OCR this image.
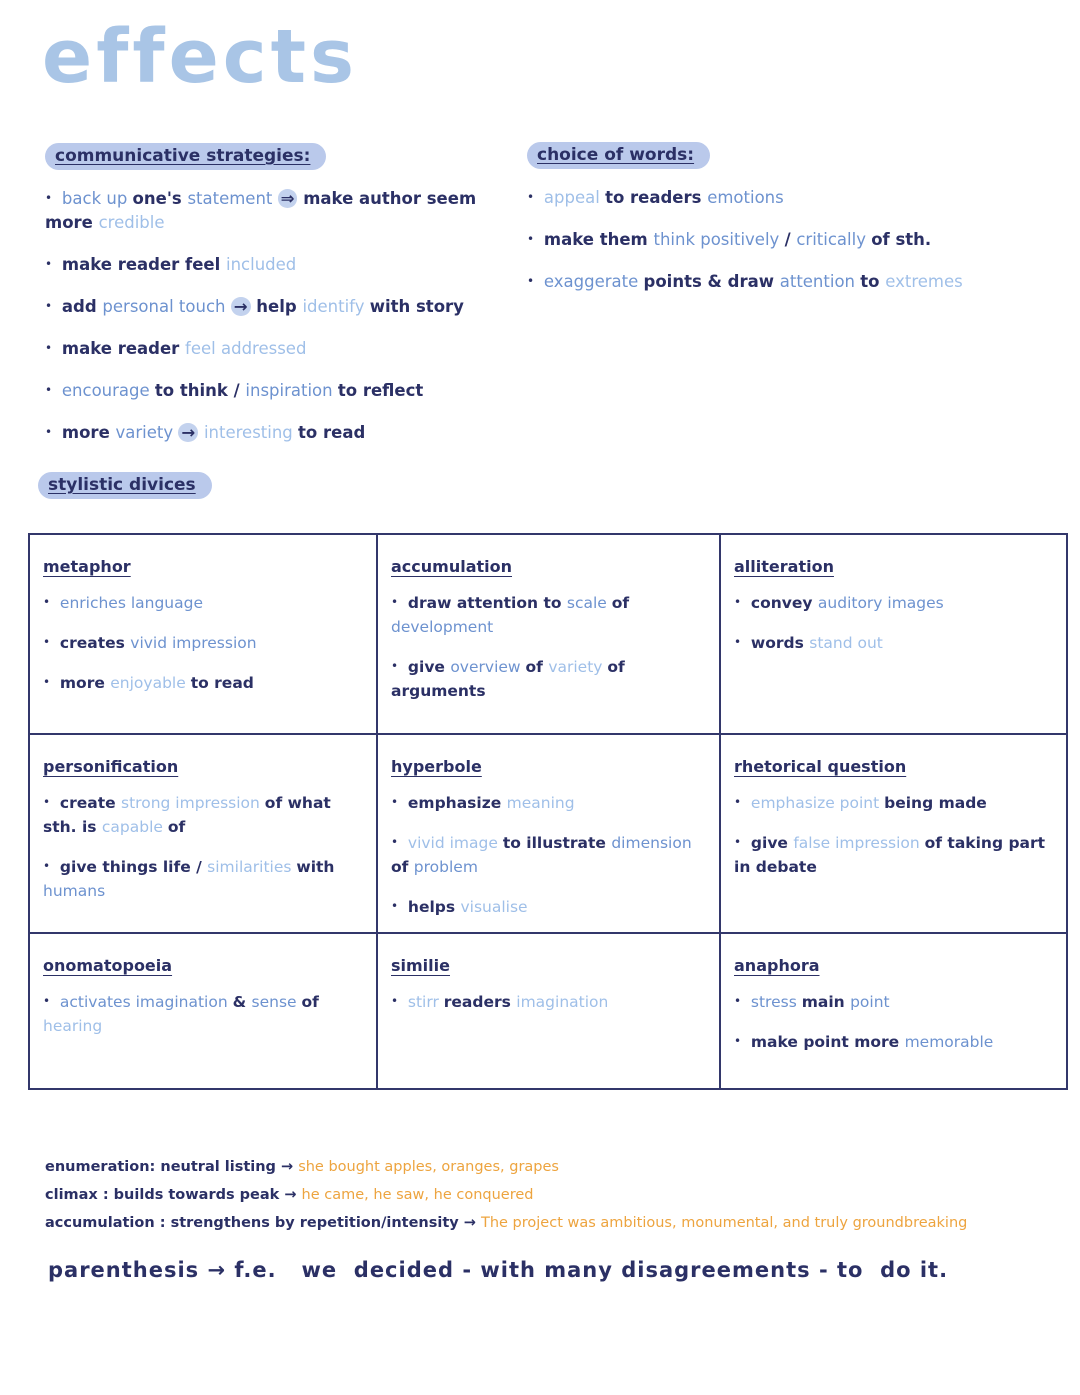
effects
communicative strategies:
• back up one's statement ⇒ make author seem more credible
• make reader feel included
• add personal touch → help identify with story
• make reader feel addressed
• encourage to think / inspiration to reflect
• more variety → interesting to read
choice of words:
• appeal to readers emotions
• make them think positively / critically of sth.
• exaggerate points & draw attention to extremes
stylistic divices
metaphor
• enriches language
• creates vivid impression
• more enjoyable to read
accumulation
• draw attention to scale of development
• give overview of variety of arguments
alliteration
• convey auditory images
• words stand out
personification
• create strong impression of what sth. is capable of
• give things life / similarities with humans
hyperbole
• emphasize meaning
• vivid image to illustrate dimension of problem
• helps visualise
rhetorical question
• emphasize point being made
• give false impression of taking part in debate
onomatopoeia
• activates imagination & sense of hearing
similie
• stirr readers imagination
anaphora
• stress main point
• make point more memorable
enumeration: neutral listing → she bought apples, oranges, grapes
climax : builds towards peak → he came, he saw, he conquered
accumulation : strengthens by repetition/intensity → The project was ambitious, monumental, and truly groundbreaking
parenthesis → f.e.   we  decided - with many disagreements - to  do it.
